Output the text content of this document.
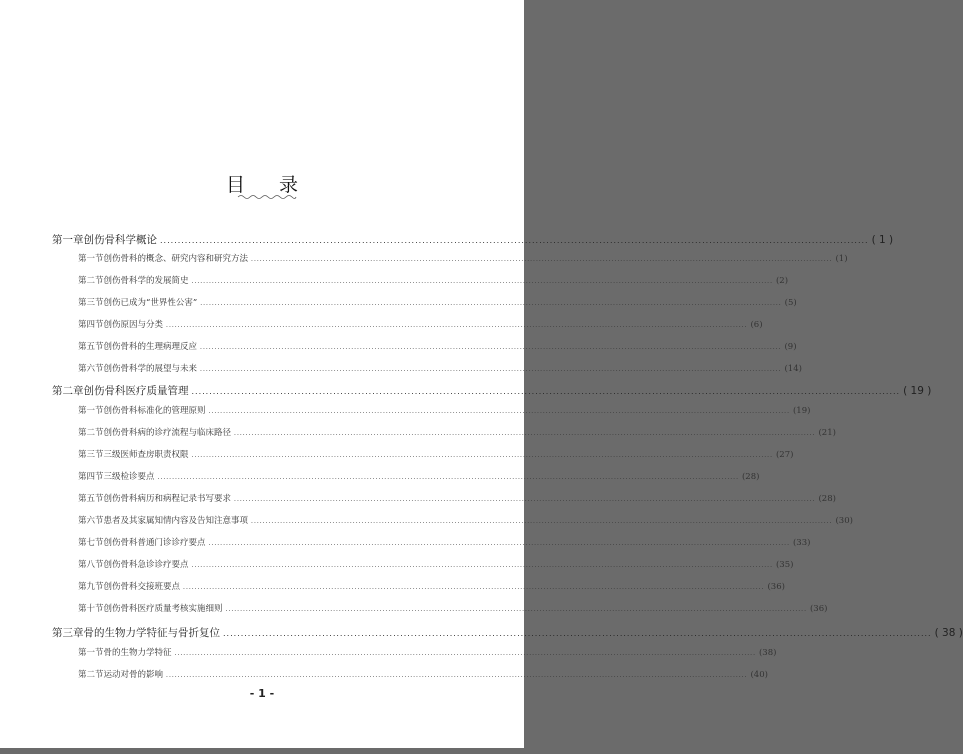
目 录
第一章 创伤骨科学概论 ........................................................................................................................................................................................................ ( 1 )
第一节 创伤骨科的概念、研究内容和研究方法 ........................................................................................................................................................................................................ (1)
第二节 创伤骨科学的发展简史 ........................................................................................................................................................................................................ (2)
第三节 创伤已成为“世界性公害” ........................................................................................................................................................................................................ (5)
第四节 创伤原因与分类 ........................................................................................................................................................................................................ (6)
第五节 创伤骨科的生理病理反应 ........................................................................................................................................................................................................ (9)
第六节 创伤骨科学的展望与未来 ........................................................................................................................................................................................................ (14)
第二章 创伤骨科医疗质量管理 ........................................................................................................................................................................................................ ( 19 )
第一节 创伤骨科标准化的管理原则 ........................................................................................................................................................................................................ (19)
第二节 创伤骨科病的诊疗流程与临床路径 ........................................................................................................................................................................................................ (21)
第三节 三级医师查房职责权限 ........................................................................................................................................................................................................ (27)
第四节 三级检诊要点 ........................................................................................................................................................................................................ (28)
第五节 创伤骨科病历和病程记录书写要求 ........................................................................................................................................................................................................ (28)
第六节 患者及其家属知情内容及告知注意事项 ........................................................................................................................................................................................................ (30)
第七节 创伤骨科普通门诊诊疗要点 ........................................................................................................................................................................................................ (33)
第八节 创伤骨科急诊诊疗要点 ........................................................................................................................................................................................................ (35)
第九节 创伤骨科交接班要点 ........................................................................................................................................................................................................ (36)
第十节 创伤骨科医疗质量考核实施细则 ........................................................................................................................................................................................................ (36)
第三章 骨的生物力学特征与骨折复位 ........................................................................................................................................................................................................ ( 38 )
第一节 骨的生物力学特征 ........................................................................................................................................................................................................ (38)
第二节 运动对骨的影响 ........................................................................................................................................................................................................ (40)
- 1 -
